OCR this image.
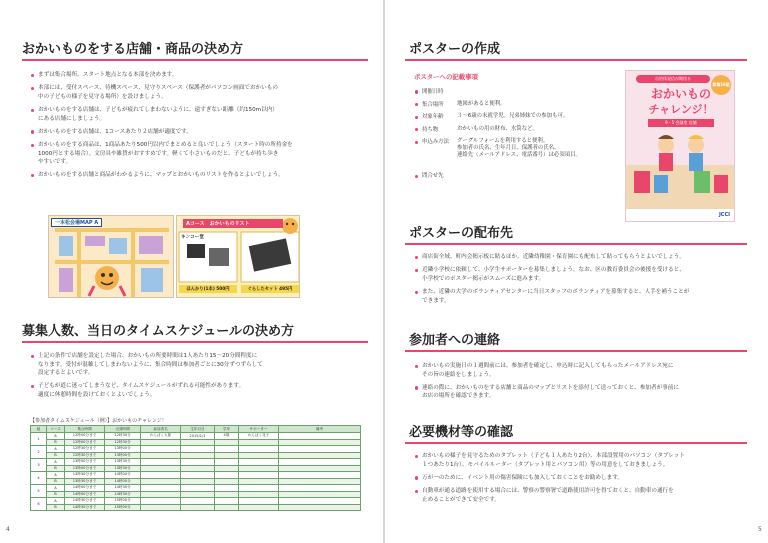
おかいものをする店舗・商品の決め方
まずは集合場所、スタート地点となる本部を決めます。
本部には、受付スペース、待機スペース、見守りスペース（保護者がパソコン画面でおかいもの
中の子どもの様子を見守る場所）を設けましょう。
おかいものをする店舗は、子どもが疲れてしまわないように、遠すぎない距離（約150m以内）
にある店舗にしましょう。
おかいものをする店舗は、1コースあたり２店舗が適度です。
おかいものをする商品は、1商品あたり500円以内でまとめると良いでしょう（スタート時の所持金を
1000円とする場合）。文房具や雑貨がおすすめです。軽くて小さいものだと、子どもが持ち歩き
やすいです。
おかいものをする店舗と商品がわかるように、マップとおかいものリストを作るとよいでしょう。
一本松会場MAP A	Aコース　おかいものリスト
キンコー堂
ほんかり(1本) 500円	ぐらしたセット 495円
募集人数、当日のタイムスケジュールの決め方
上記の条件で店舗を設定した場合、おかいもの所要時間は1人あたり15～20分間程度に
なります。受付が混雑してしまわないように、集合時間は参加者ごとに30分ずつずらして
設定するとよいです。
子どもが道に迷ってしまうなど、タイムスケジュールがずれる可能性があります。
適度に休憩時間を設けておくとよいでしょう。
【参加者タイムスケジュール（例）】おかいものチャレンジ！
組	コース	集合時間	出発時間	参加者名	生年月日	学年	サポーター	備考
1	A	12時00分まで	12時30分	わんぱく太郎	2015/1/1	4歳	わんぱく花子	
	B	12時00分まで	12時30分					
2	A	12時30分まで	13時00分					
	B	12時30分まで	13時00分					
3	A	13時00分まで	13時30分					
	B	13時00分まで	13時30分					
4	A	13時30分まで	14時00分					
	B	13時30分まで	14時00分					
5	A	14時00分まで	14時30分					
	B	14時00分まで	14時30分					
6	A	14時30分まで	15時00分					
	B	14時30分まで	15時00分					
4
ポスターの作成
ポスターへの記載事項
開催日時
集合場所 地図があると便利。
対象年齢 ３～6歳の未就学児。兄弟姉妹での参加も可。
持ち物	おかいもの用の財布、水筒など。
申込み方法 グーグルフォームを利用すると便利。
参加者の氏名、生年月日、保護者の氏名、
連絡先（メールアドレス、電話番号）は必須項目。
問合せ先
自治体発信が期待る
募集16組
おかいもの
チャレンジ！
9・5 会議室 店舗
JCCI
ポスターの配布先
商店街全域、町内会掲示板に貼るほか、近隣幼稚園・保育園にも配布して貼ってもらうとよいでしょう。
近隣小学校に依頼して、小学生サポーターを募集しましょう。なお、区の教育委員会の後援を受けると、
小学校でのポスター掲示がスムーズに進みます。
また、近隣の大学のボランティアセンターに当日スタッフのボランティアを募集すると、人手を補うことが
できます。
参加者への連絡
おかいもの実施日の１週間前には、参加者を確定し、申込時に記入してもらったメールアドレス宛に
その旨の連絡をしましょう。
連絡の際に、おかいものをする店舗と商品のマップとリストを添付して送っておくと、参加者が事前に
お店の場所を確認できます。
必要機材等の確認
おかいもの様子を見守るためのタブレット（子ども１人あたり2台）、本部設置用のパソコン（タブレット
１つあたり1台）、モバイルルーター（タブレット用とパソコン用）等の用意をしておきましょう。
万が一のために、イベント用の傷害保険にも加入しておくことをお勧めします。
自動車が通る道路を使用する場合には、警察の警察署で道路使用許可を得ておくと、自動車の通行を
止めることができて安全です。
5
